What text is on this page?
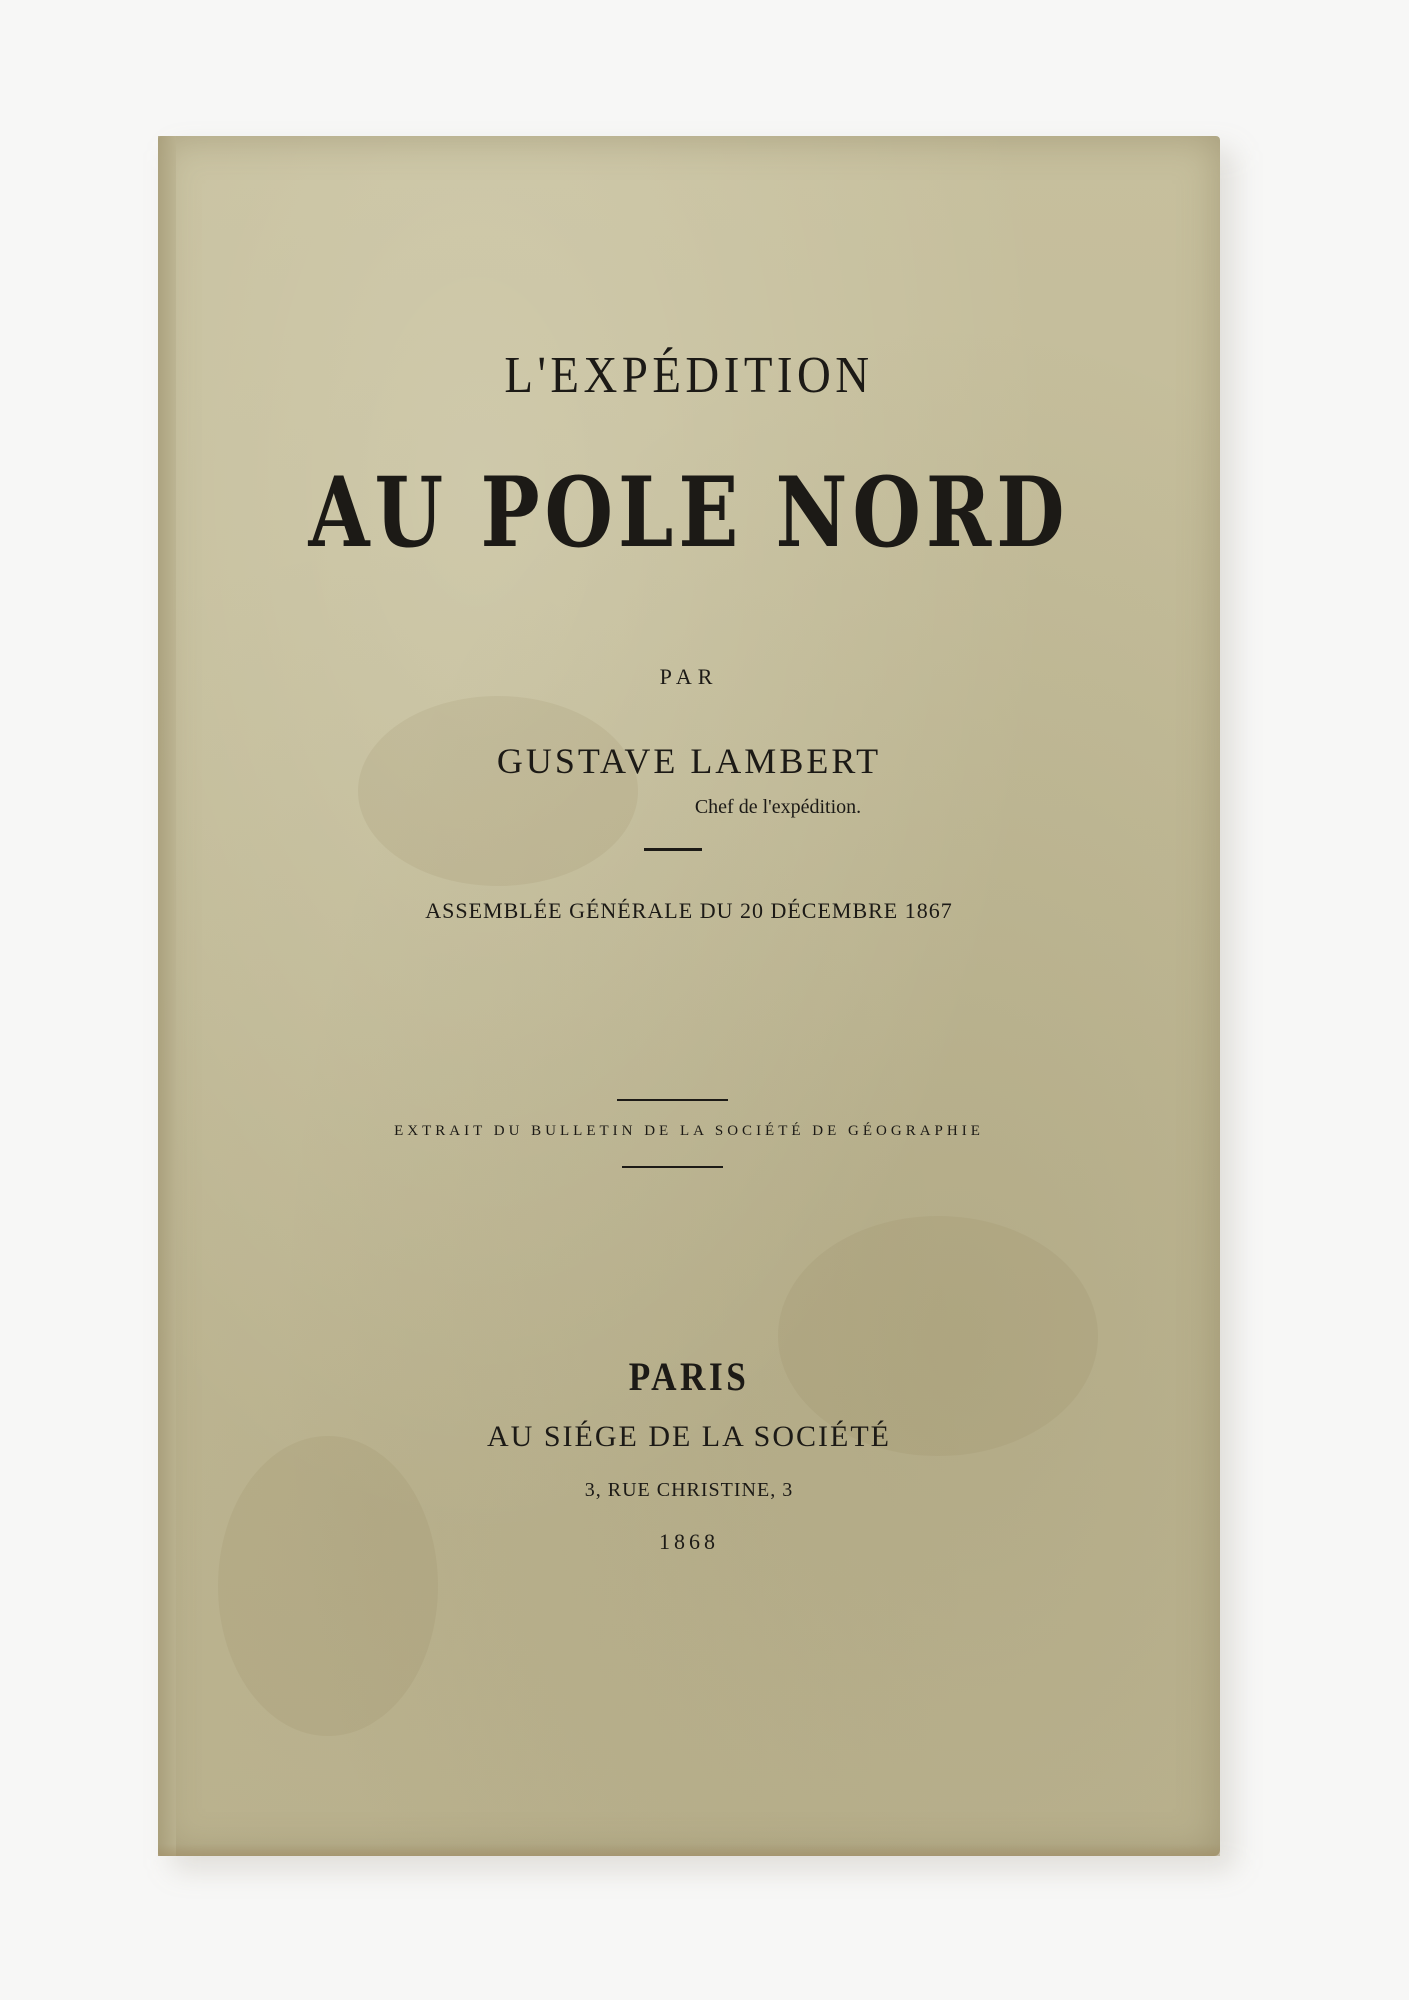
L'EXPÉDITION
AU POLE NORD
PAR
GUSTAVE LAMBERT
Chef de l'expédition.
ASSEMBLÉE GÉNÉRALE DU 20 DÉCEMBRE 1867
EXTRAIT DU BULLETIN DE LA SOCIÉTÉ DE GÉOGRAPHIE
PARIS
AU SIÉGE DE LA SOCIÉTÉ
3, RUE CHRISTINE, 3
1868
